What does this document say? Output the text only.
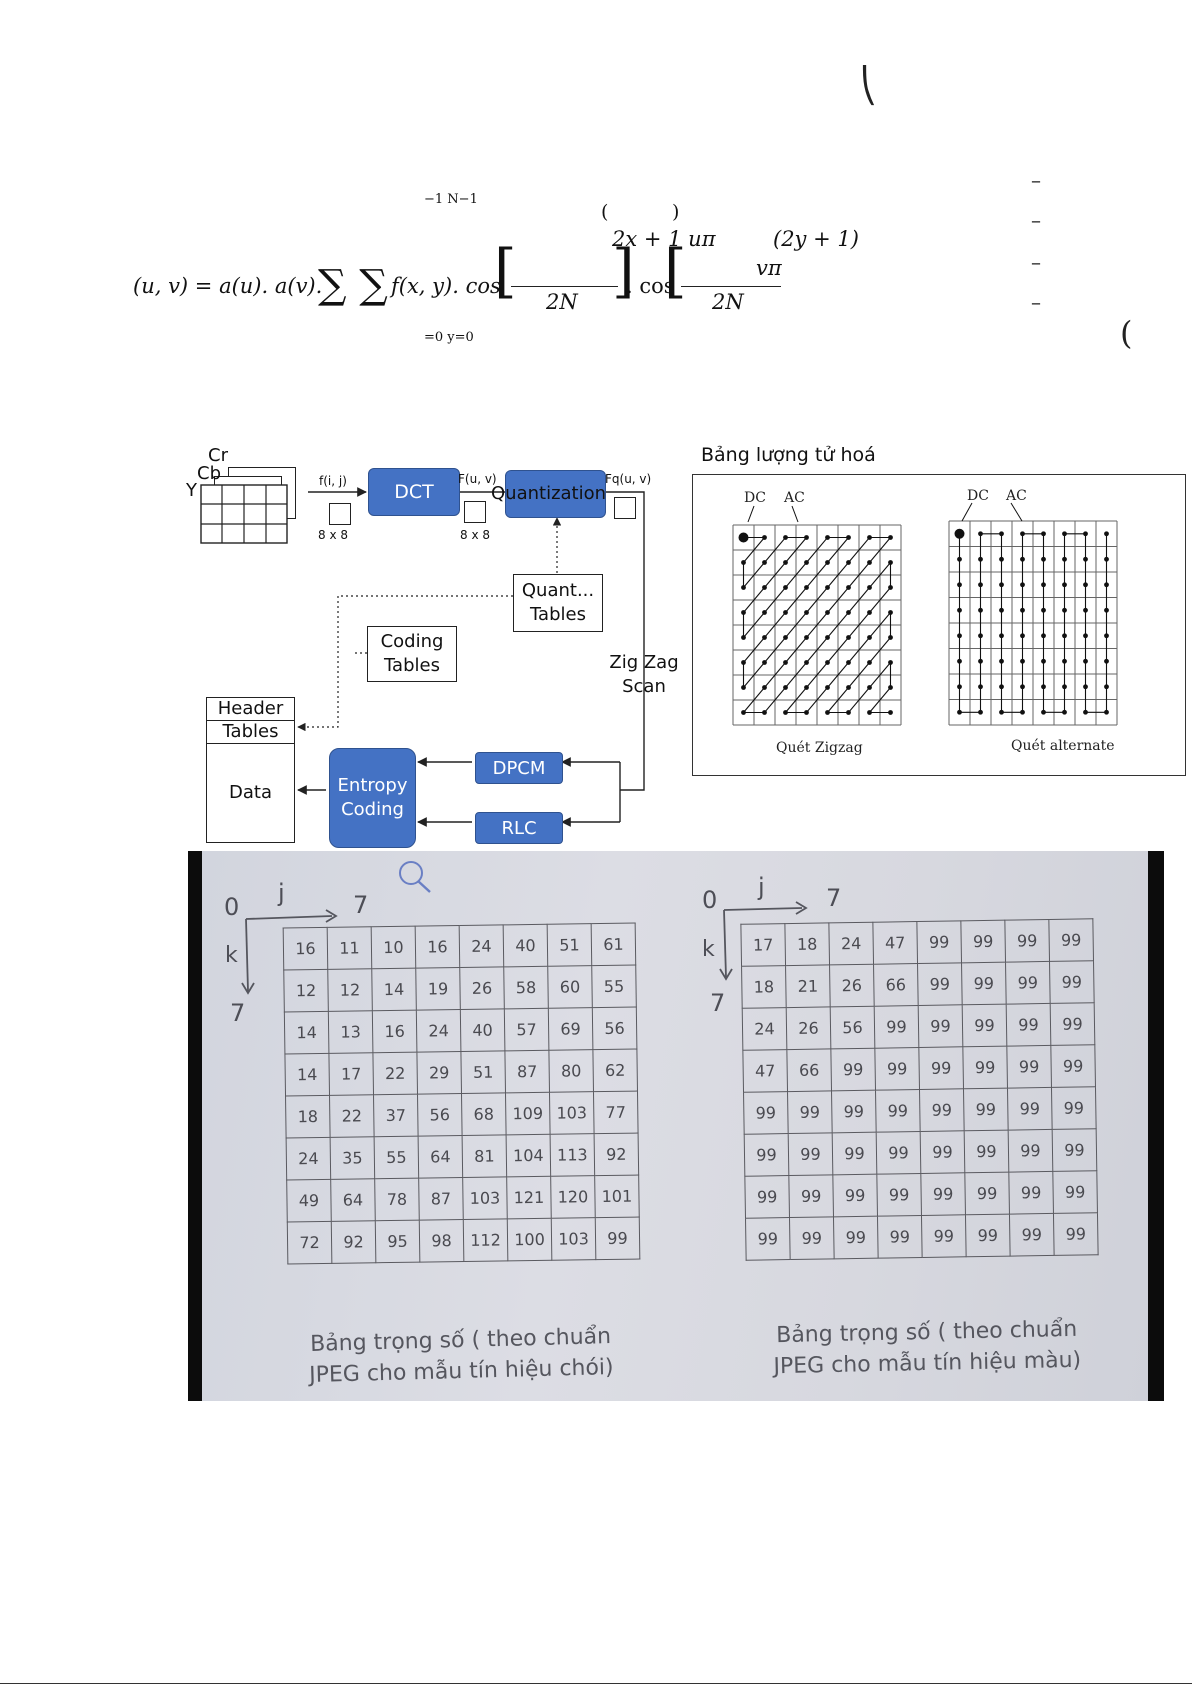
⎝
−1 N−1
(	)
2x + 1 uπ	(2y + 1)
(u, v) = a(u). a(v).
∑ ∑ f(x, y). cos
[ ]
. cos
[	vπ
2N	2N
=0 y=0
–
–
–
–
(
Cr
Cb
Y	f(i, j)
8 x 8
DCT
F(u, v)
8 x 8
Quantization
Fq(u, v)
Quant... Tables
Coding Tables	Zig Zag Scan
Header
Tables
Data	Entropy Coding
DPCM
RLC
Bảng lượng tử hoá
DC AC	DC AC
Quét Zigzag	Quét alternate
0 j	7
k
7
16	11	10	16	24	40	51	61
12	12	14	19	26	58	60	55
14	13	16	24	40	57	69	56
14	17	22	29	51	87	80	62
18	22	37	56	68	109	103	77
24	35	55	64	81	104	113	92
49	64	78	87	103	121	120	101
72	92	95	98	112	100	103	99
0 j	7
k
7
17	18	24	47	99	99	99	99
18	21	26	66	99	99	99	99
24	26	56	99	99	99	99	99
47	66	99	99	99	99	99	99
99	99	99	99	99	99	99	99
99	99	99	99	99	99	99	99
99	99	99	99	99	99	99	99
99	99	99	99	99	99	99	99
Bảng trọng số ( theo chuẩn JPEG cho mẫu tín hiệu chói)
Bảng trọng số ( theo chuẩn JPEG cho mẫu tín hiệu màu)
